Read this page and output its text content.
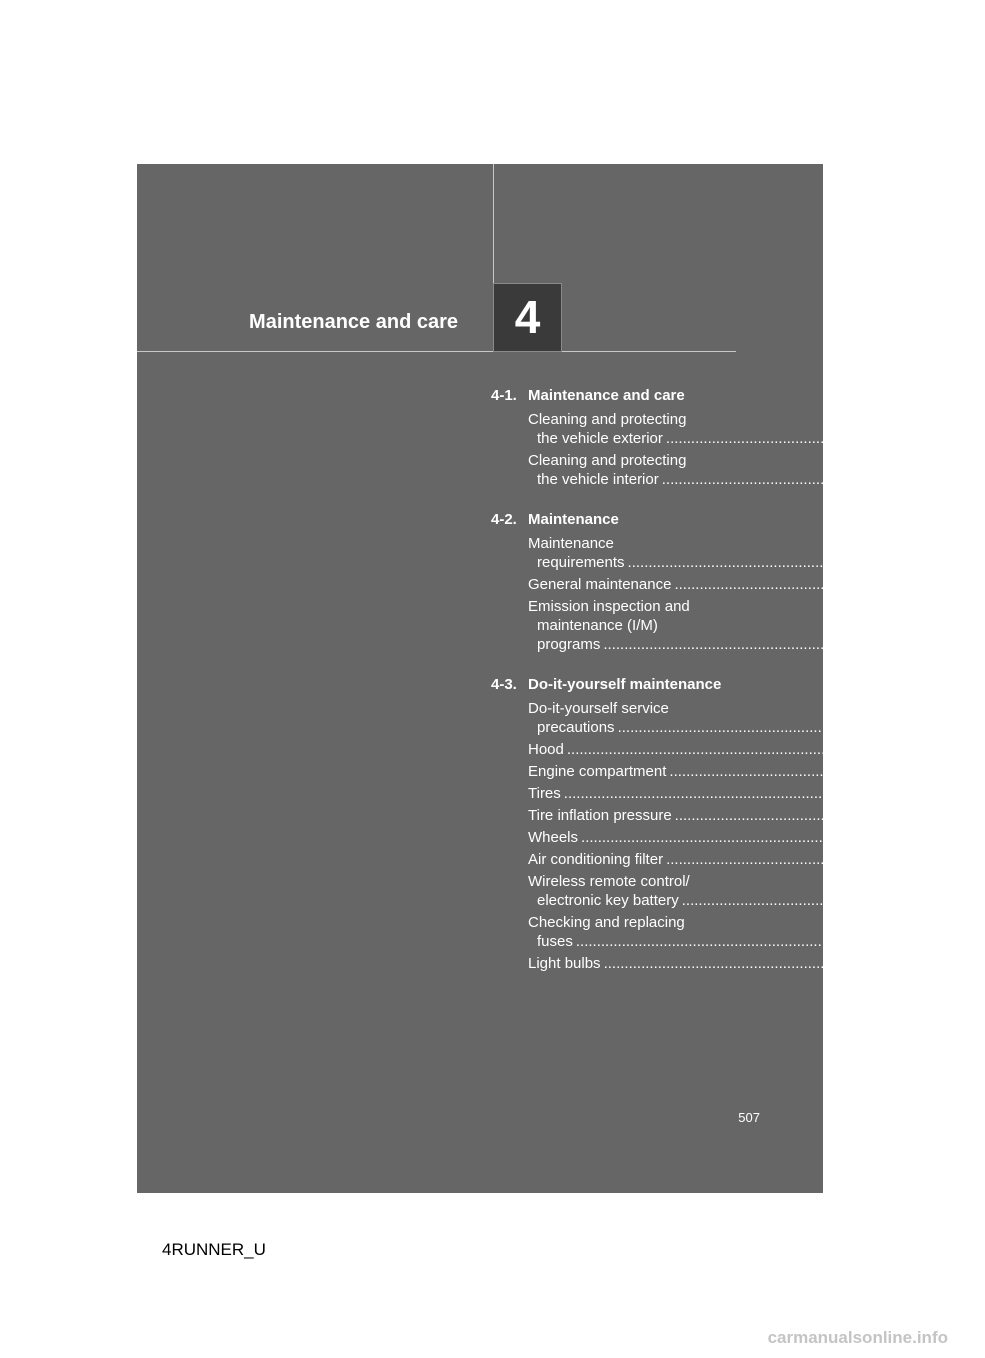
4
Maintenance and care
4-1. Maintenance and care
Cleaning and protecting
the vehicle exterior .................................................................. 508
Cleaning and protecting
the vehicle interior .................................................................. 511
4-2. Maintenance
Maintenance
requirements .................................................................. 514
General maintenance .................................................................. 517
Emission inspection and
maintenance (I/M)
programs .................................................................. 521
4-3. Do-it-yourself maintenance
Do-it-yourself service
precautions .................................................................. 522
Hood .................................................................. 525
Engine compartment .................................................................. 526
Tires .................................................................. 542
Tire inflation pressure .................................................................. 548
Wheels .................................................................. 552
Air conditioning filter .................................................................. 555
Wireless remote control/
electronic key battery .................................................................. 557
Checking and replacing
fuses .................................................................. 560
Light bulbs .................................................................. 570
507
4RUNNER_U
carmanualsonline.info
